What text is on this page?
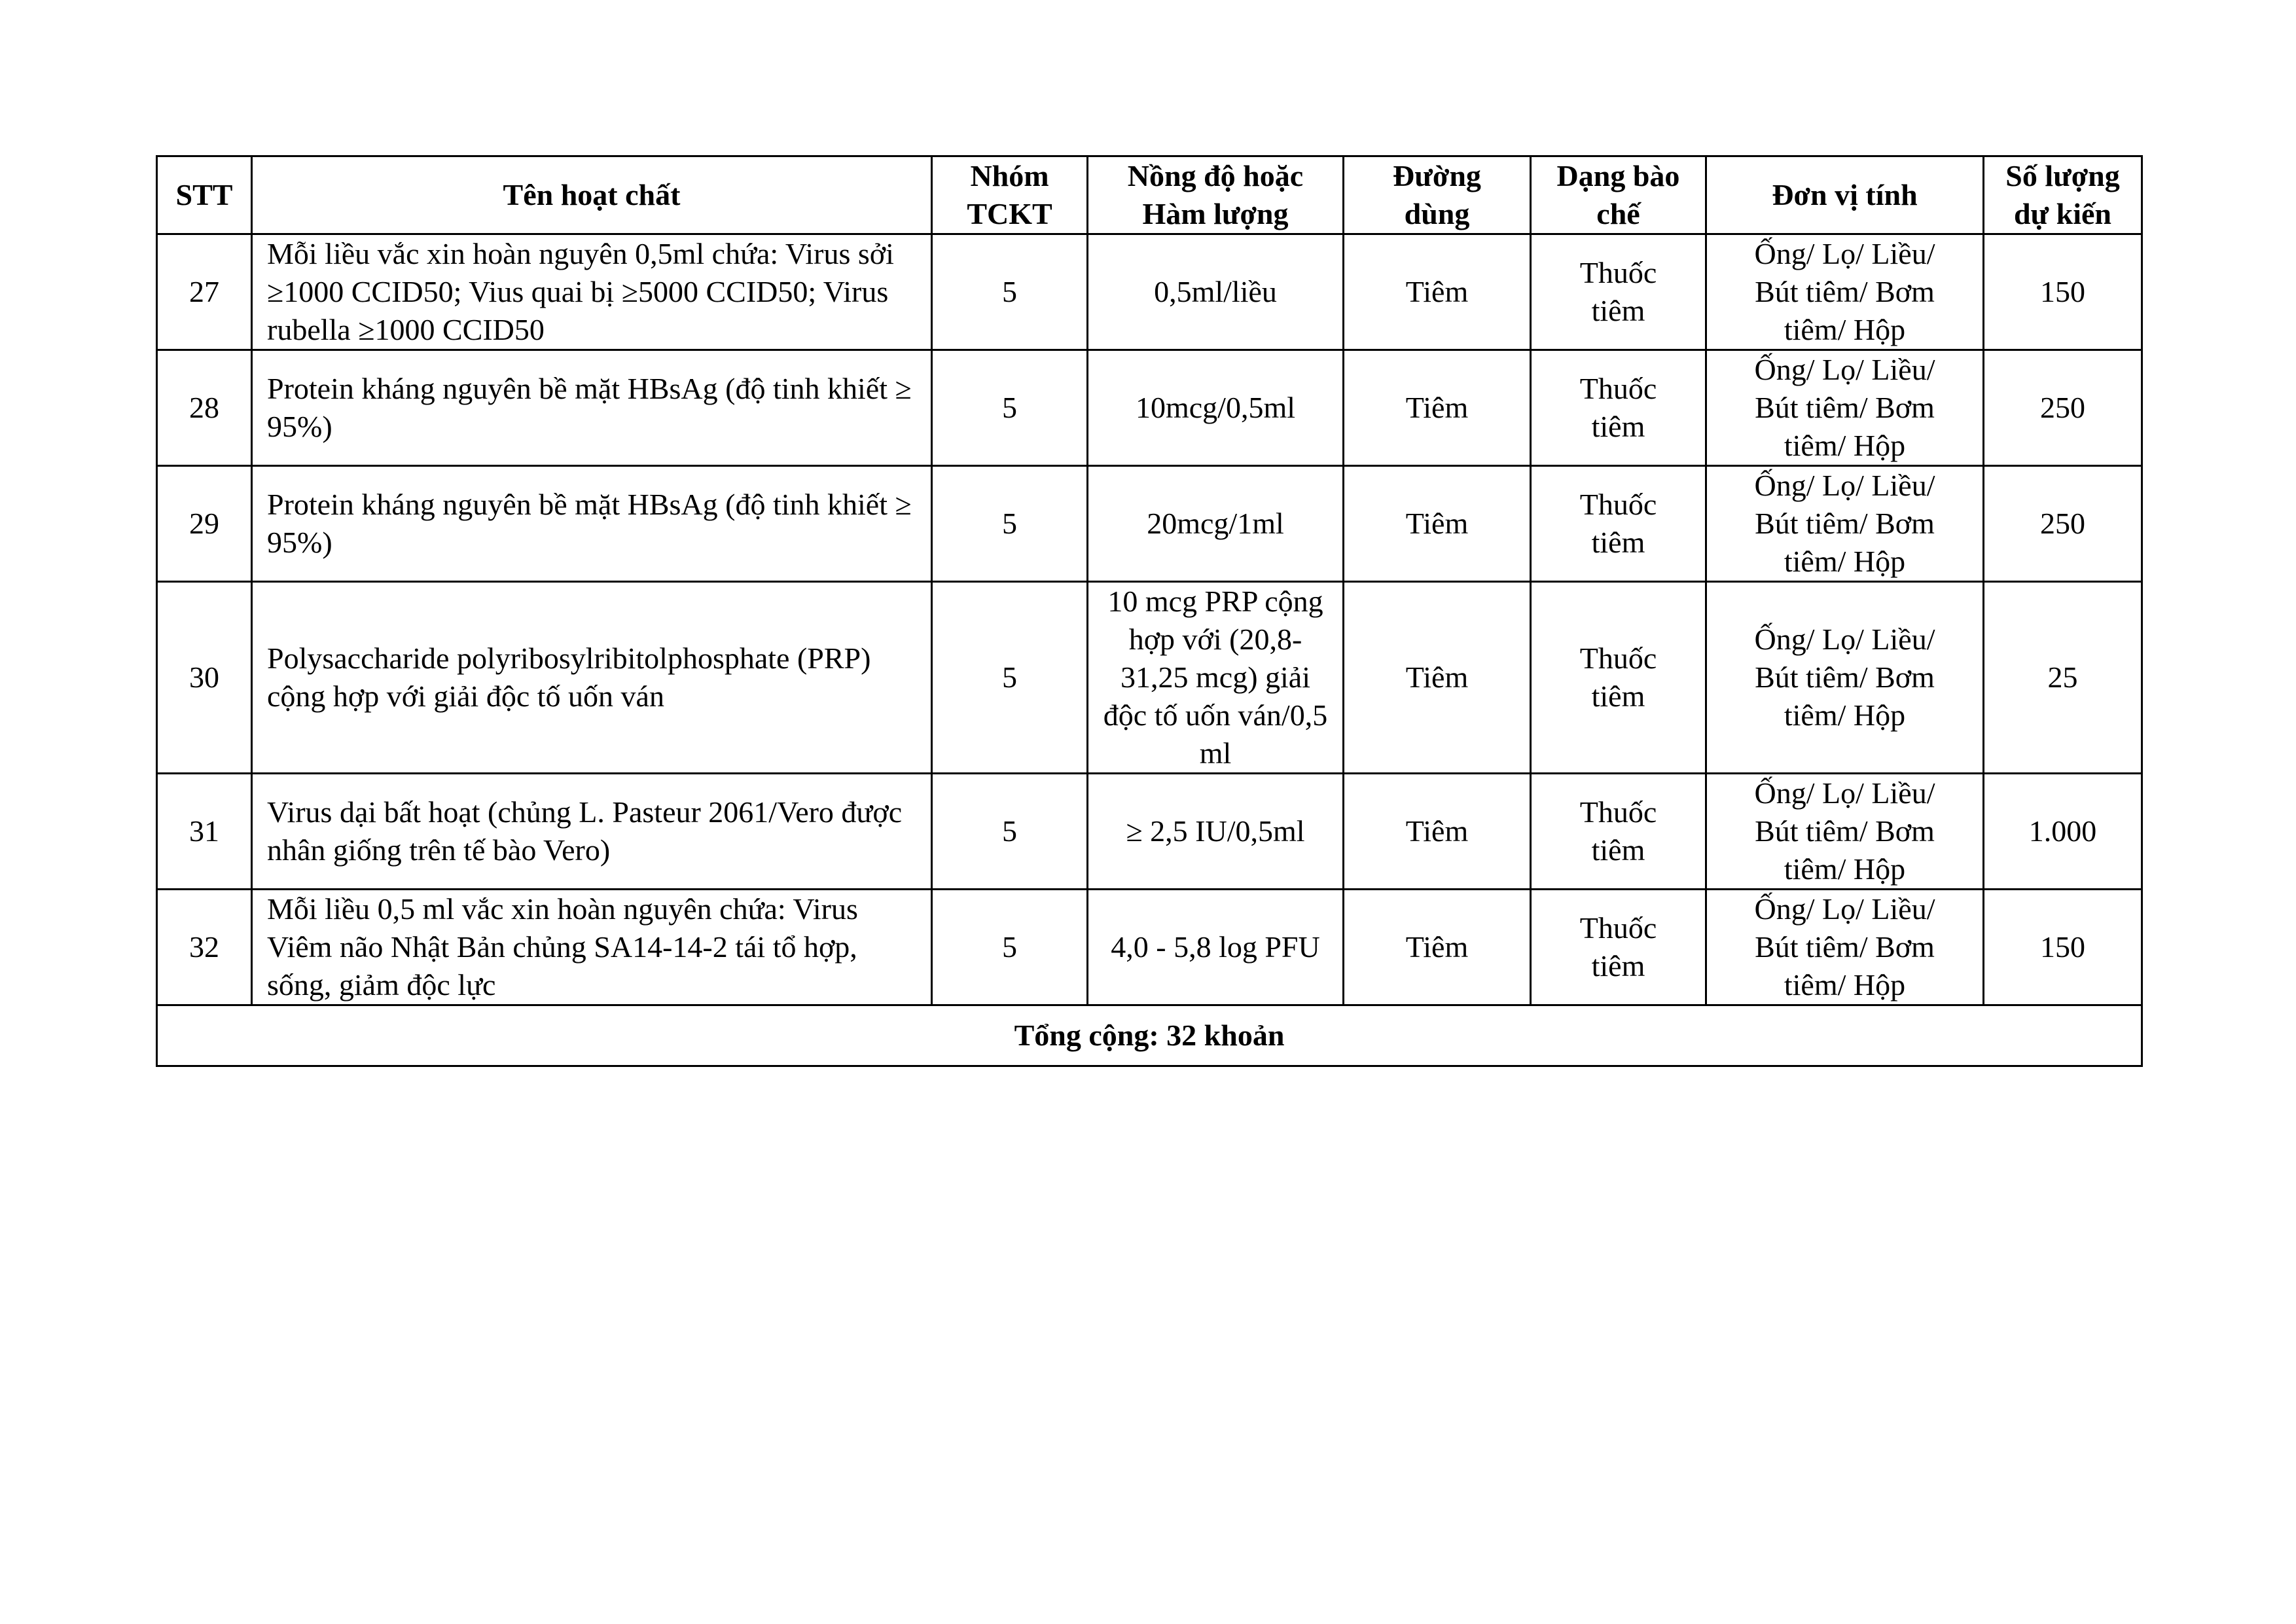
STT	Tên hoạt chất	Nhóm TCKT	Nồng độ hoặc Hàm lượng	Đường dùng	Dạng bào chế	Đơn vị tính	Số lượng dự kiến
27	Mỗi liều vắc xin hoàn nguyên 0,5ml chứa: Virus sởi ≥1000 CCID50; Vius quai bị ≥5000 CCID50; Virus rubella ≥1000 CCID50	5	0,5ml/liều	Tiêm	Thuốc tiêm	Ống/ Lọ/ Liều/ Bút tiêm/ Bơm tiêm/ Hộp	150
28	Protein kháng nguyên bề mặt HBsAg (độ tinh khiết ≥ 95%)	5	10mcg/0,5ml	Tiêm	Thuốc tiêm	Ống/ Lọ/ Liều/ Bút tiêm/ Bơm tiêm/ Hộp	250
29	Protein kháng nguyên bề mặt HBsAg (độ tinh khiết ≥ 95%)	5	20mcg/1ml	Tiêm	Thuốc tiêm	Ống/ Lọ/ Liều/ Bút tiêm/ Bơm tiêm/ Hộp	250
30	Polysaccharide polyribosylribitolphosphate (PRP) cộng hợp với giải độc tố uốn ván	5	10 mcg PRP cộng hợp với (20,8-31,25 mcg) giải độc tố uốn ván/0,5 ml	Tiêm	Thuốc tiêm	Ống/ Lọ/ Liều/ Bút tiêm/ Bơm tiêm/ Hộp	25
31	Virus dại bất hoạt (chủng L. Pasteur 2061/Vero được nhân giống trên tế bào Vero)	5	≥ 2,5 IU/0,5ml	Tiêm	Thuốc tiêm	Ống/ Lọ/ Liều/ Bút tiêm/ Bơm tiêm/ Hộp	1.000
32	Mỗi liều 0,5 ml vắc xin hoàn nguyên chứa: Virus Viêm não Nhật Bản chủng SA14-14-2 tái tổ hợp, sống, giảm độc lực	5	4,0 - 5,8 log PFU	Tiêm	Thuốc tiêm	Ống/ Lọ/ Liều/ Bút tiêm/ Bơm tiêm/ Hộp	150
Tổng cộng: 32 khoản							
